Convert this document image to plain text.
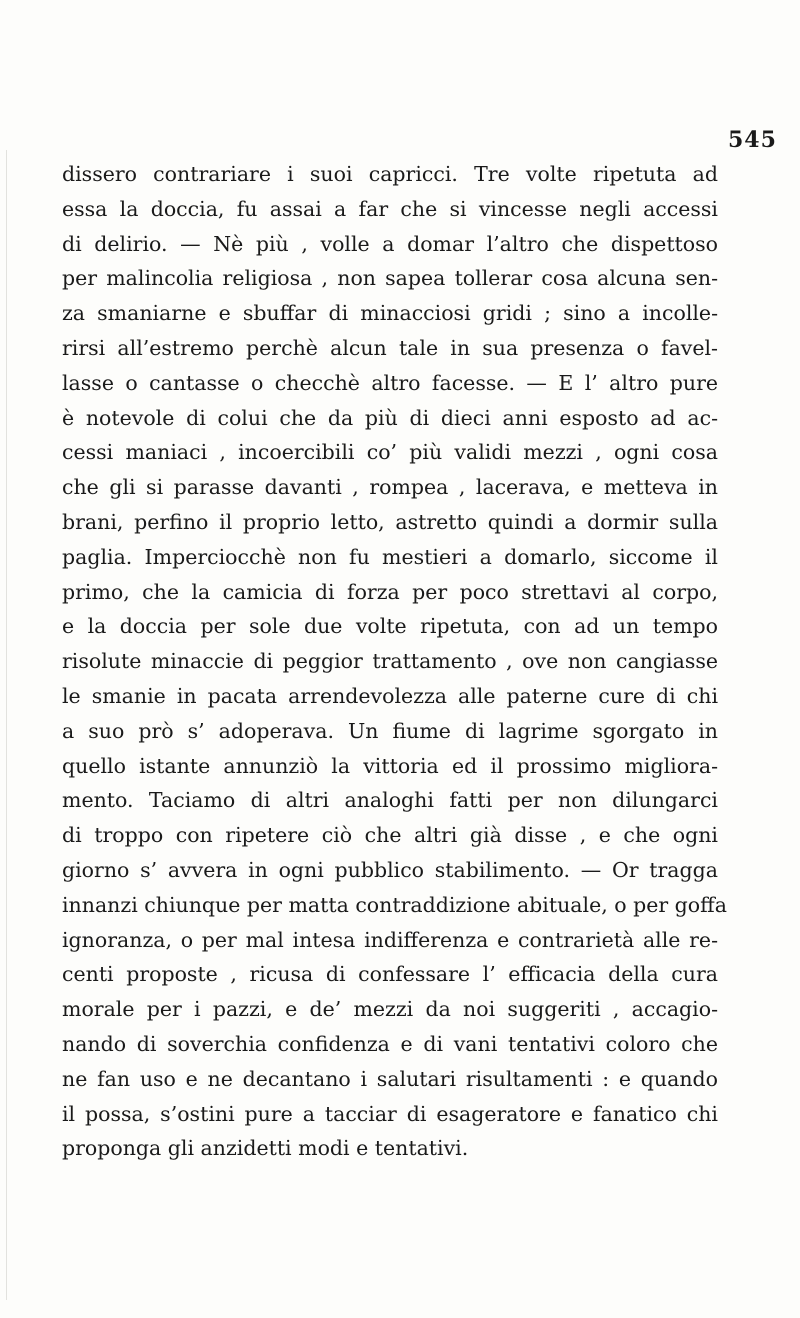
545
dissero contrariare i suoi capricci. Tre volte ripetuta ad
essa la doccia, fu assai a far che si vincesse negli accessi
di delirio. — Nè più , volle a domar l’altro che dispettoso
per malincolia religiosa , non sapea tollerar cosa alcuna sen-
za smaniarne e sbuffar di minacciosi gridi ; sino a incolle-
rirsi all’estremo perchè alcun tale in sua presenza o favel-
lasse o cantasse o checchè altro facesse. — E l’ altro pure
è notevole di colui che da più di dieci anni esposto ad ac-
cessi maniaci , incoercibili co’ più validi mezzi , ogni cosa
che gli si parasse davanti , rompea , lacerava, e metteva in
brani, perfino il proprio letto, astretto quindi a dormir sulla
paglia. Imperciocchè non fu mestieri a domarlo, siccome il
primo, che la camicia di forza per poco strettavi al corpo,
e la doccia per sole due volte ripetuta, con ad un tempo
risolute minaccie di peggior trattamento , ove non cangiasse
le smanie in pacata arrendevolezza alle paterne cure di chi
a suo prò s’ adoperava. Un fiume di lagrime sgorgato in
quello istante annunziò la vittoria ed il prossimo migliora-
mento. Taciamo di altri analoghi fatti per non dilungarci
di troppo con ripetere ciò che altri già disse , e che ogni
giorno s’ avvera in ogni pubblico stabilimento. — Or tragga
innanzi chiunque per matta contraddizione abituale, o per goffa
ignoranza, o per mal intesa indifferenza e contrarietà alle re-
centi proposte , ricusa di confessare l’ efficacia della cura
morale per i pazzi, e de’ mezzi da noi suggeriti , accagio-
nando di soverchia confidenza e di vani tentativi coloro che
ne fan uso e ne decantano i salutari risultamenti : e quando
il possa, s’ostini pure a tacciar di esageratore e fanatico chi
proponga gli anzidetti modi e tentativi.
